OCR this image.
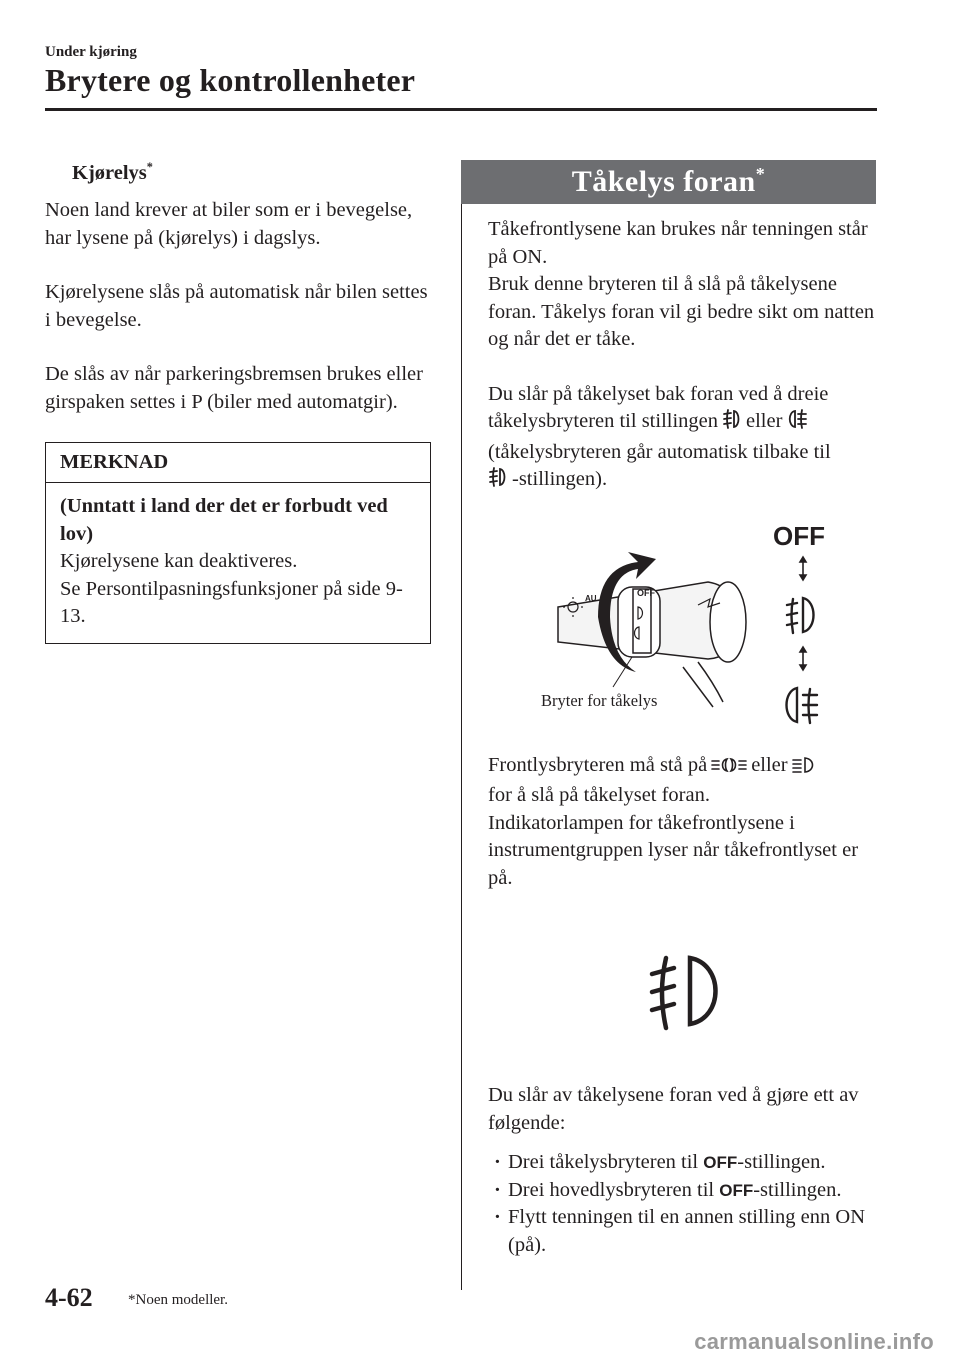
Under kjøring
Brytere og kontrollenheter
Kjørelys*

Noen land krever at biler som er i bevegelse, har lysene på (kjørelys) i dagslys.

Kjørelysene slås på automatisk når bilen settes i bevegelse.

De slås av når parkeringsbremsen brukes eller girspaken settes i P (biler med automatgir).

MERKNAD

(Unntatt i land der det er forbudt ved lov)

Kjørelysene kan deaktiveres.

Se Persontilpasningsfunksjoner på side 9-13.

Tåkelys foran*

Tåkefrontlysene kan brukes når tenningen står på ON.

Bruk denne bryteren til å slå på tåkelysene foran. Tåkelys foran vil gi bedre sikt om natten og når det er tåke.

Du slår på tåkelyset bak foran ved å dreie tåkelysbryteren til stillingen eller
(tåkelysbryteren går automatisk tilbake til
-stillingen).

OFF
AU
OFF
Bryter for tåkelys

Frontlysbryteren må stå på eller
for å slå på tåkelyset foran.

Indikatorlampen for tåkefrontlysene i instrumentgruppen lyser når tåkefrontlyset er på.

Du slår av tåkelysene foran ved å gjøre ett av følgende:

· Drei tåkelysbryteren til OFF-stillingen.
· Drei hovedlysbryteren til OFF-stillingen.
· Flytt tenningen til en annen stilling enn ON (på).
4-62 *Noen modeller.
carmanualsonline.info
